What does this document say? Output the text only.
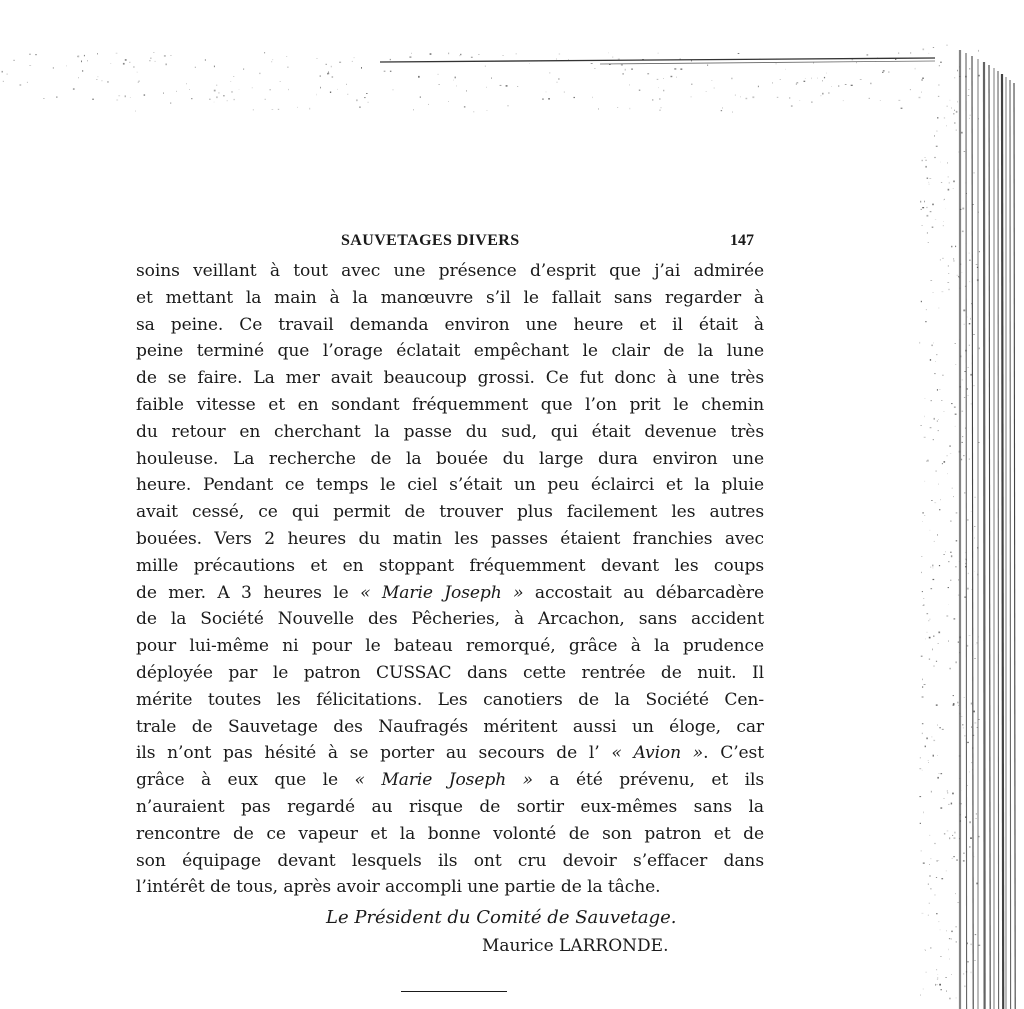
SAUVETAGES DIVERS	147
soins veillant à tout avec une présence d’esprit que j’ai admirée
et mettant la main à la manœuvre s’il le fallait sans regarder à
sa peine. Ce travail demanda environ une heure et il était à
peine terminé que l’orage éclatait empêchant le clair de la lune
de se faire. La mer avait beaucoup grossi. Ce fut donc à une très
faible vitesse et en sondant fréquemment que l’on prit le chemin
du retour en cherchant la passe du sud, qui était devenue très
houleuse. La recherche de la bouée du large dura environ une
heure. Pendant ce temps le ciel s’était un peu éclairci et la pluie
avait cessé, ce qui permit de trouver plus facilement les autres
bouées. Vers 2 heures du matin les passes étaient franchies avec
mille précautions et en stoppant fréquemment devant les coups
de mer. A 3 heures le « Marie Joseph » accostait au débarcadère
de la Société Nouvelle des Pêcheries, à Arcachon, sans accident
pour lui-même ni pour le bateau remorqué, grâce à la prudence
déployée par le patron CUSSAC dans cette rentrée de nuit. Il
mérite toutes les félicitations. Les canotiers de la Société Cen-
trale de Sauvetage des Naufragés méritent aussi un éloge, car
ils n’ont pas hésité à se porter au secours de l’ « Avion ». C’est
grâce à eux que le « Marie Joseph » a été prévenu, et ils
n’auraient pas regardé au risque de sortir eux-mêmes sans la
rencontre de ce vapeur et la bonne volonté de son patron et de
son équipage devant lesquels ils ont cru devoir s’effacer dans
l’intérêt de tous, après avoir accompli une partie de la tâche.
Le Président du Comité de Sauvetage.
Maurice LARRONDE.
